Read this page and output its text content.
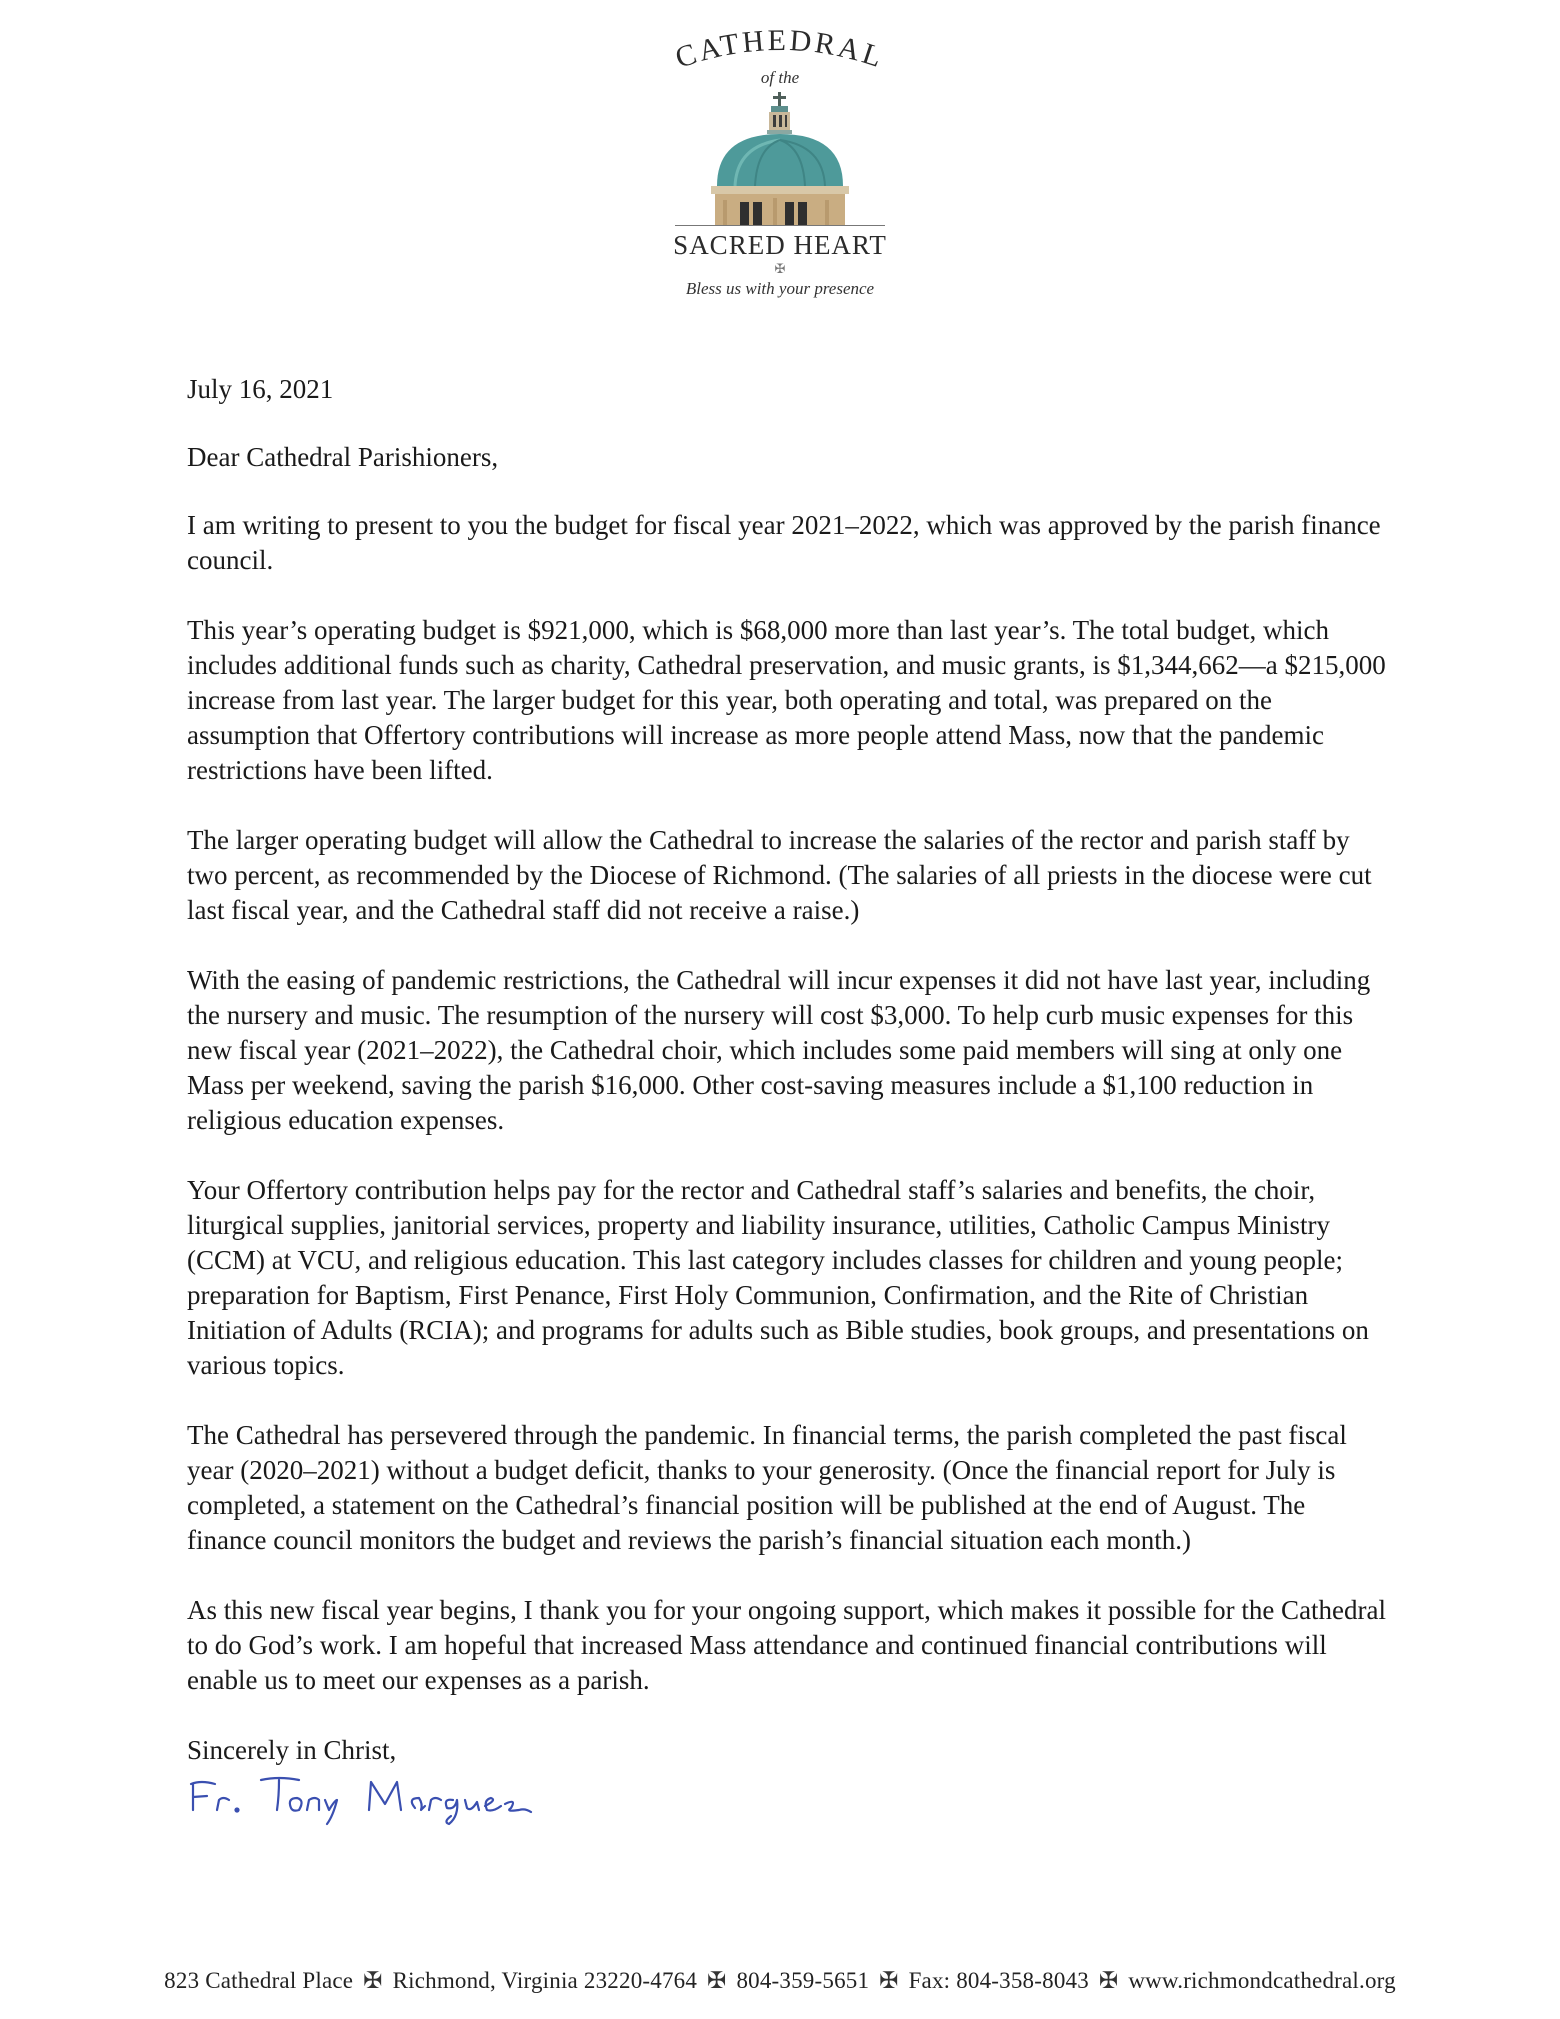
CATHEDRAL
of the
SACRED HEART
✠
Bless us with your presence

July 16, 2021

Dear Cathedral Parishioners,

I am writing to present to you the budget for fiscal year 2021–2022, which was approved by the parish finance council.

This year’s operating budget is $921,000, which is $68,000 more than last year’s. The total budget, which includes additional funds such as charity, Cathedral preservation, and music grants, is $1,344,662—a $215,000 increase from last year. The larger budget for this year, both operating and total, was prepared on the assumption that Offertory contributions will increase as more people attend Mass, now that the pandemic restrictions have been lifted.

The larger operating budget will allow the Cathedral to increase the salaries of the rector and parish staff by two percent, as recommended by the Diocese of Richmond. (The salaries of all priests in the diocese were cut last fiscal year, and the Cathedral staff did not receive a raise.)

With the easing of pandemic restrictions, the Cathedral will incur expenses it did not have last year, including the nursery and music. The resumption of the nursery will cost $3,000. To help curb music expenses for this new fiscal year (2021–2022), the Cathedral choir, which includes some paid members will sing at only one Mass per weekend, saving the parish $16,000. Other cost-saving measures include a $1,100 reduction in religious education expenses.

Your Offertory contribution helps pay for the rector and Cathedral staff’s salaries and benefits, the choir, liturgical supplies, janitorial services, property and liability insurance, utilities, Catholic Campus Ministry (CCM) at VCU, and religious education. This last category includes classes for children and young people; preparation for Baptism, First Penance, First Holy Communion, Confirmation, and the Rite of Christian Initiation of Adults (RCIA); and programs for adults such as Bible studies, book groups, and presentations on various topics.

The Cathedral has persevered through the pandemic. In financial terms, the parish completed the past fiscal year (2020–2021) without a budget deficit, thanks to your generosity. (Once the financial report for July is completed, a statement on the Cathedral’s financial position will be published at the end of August. The finance council monitors the budget and reviews the parish’s financial situation each month.)

As this new fiscal year begins, I thank you for your ongoing support, which makes it possible for the Cathedral to do God’s work. I am hopeful that increased Mass attendance and continued financial contributions will enable us to meet our expenses as a parish.

Sincerely in Christ,

823 Cathedral Place ✠ Richmond, Virginia 23220-4764 ✠ 804-359-5651 ✠ Fax: 804-358-8043 ✠ www.richmondcathedral.org
